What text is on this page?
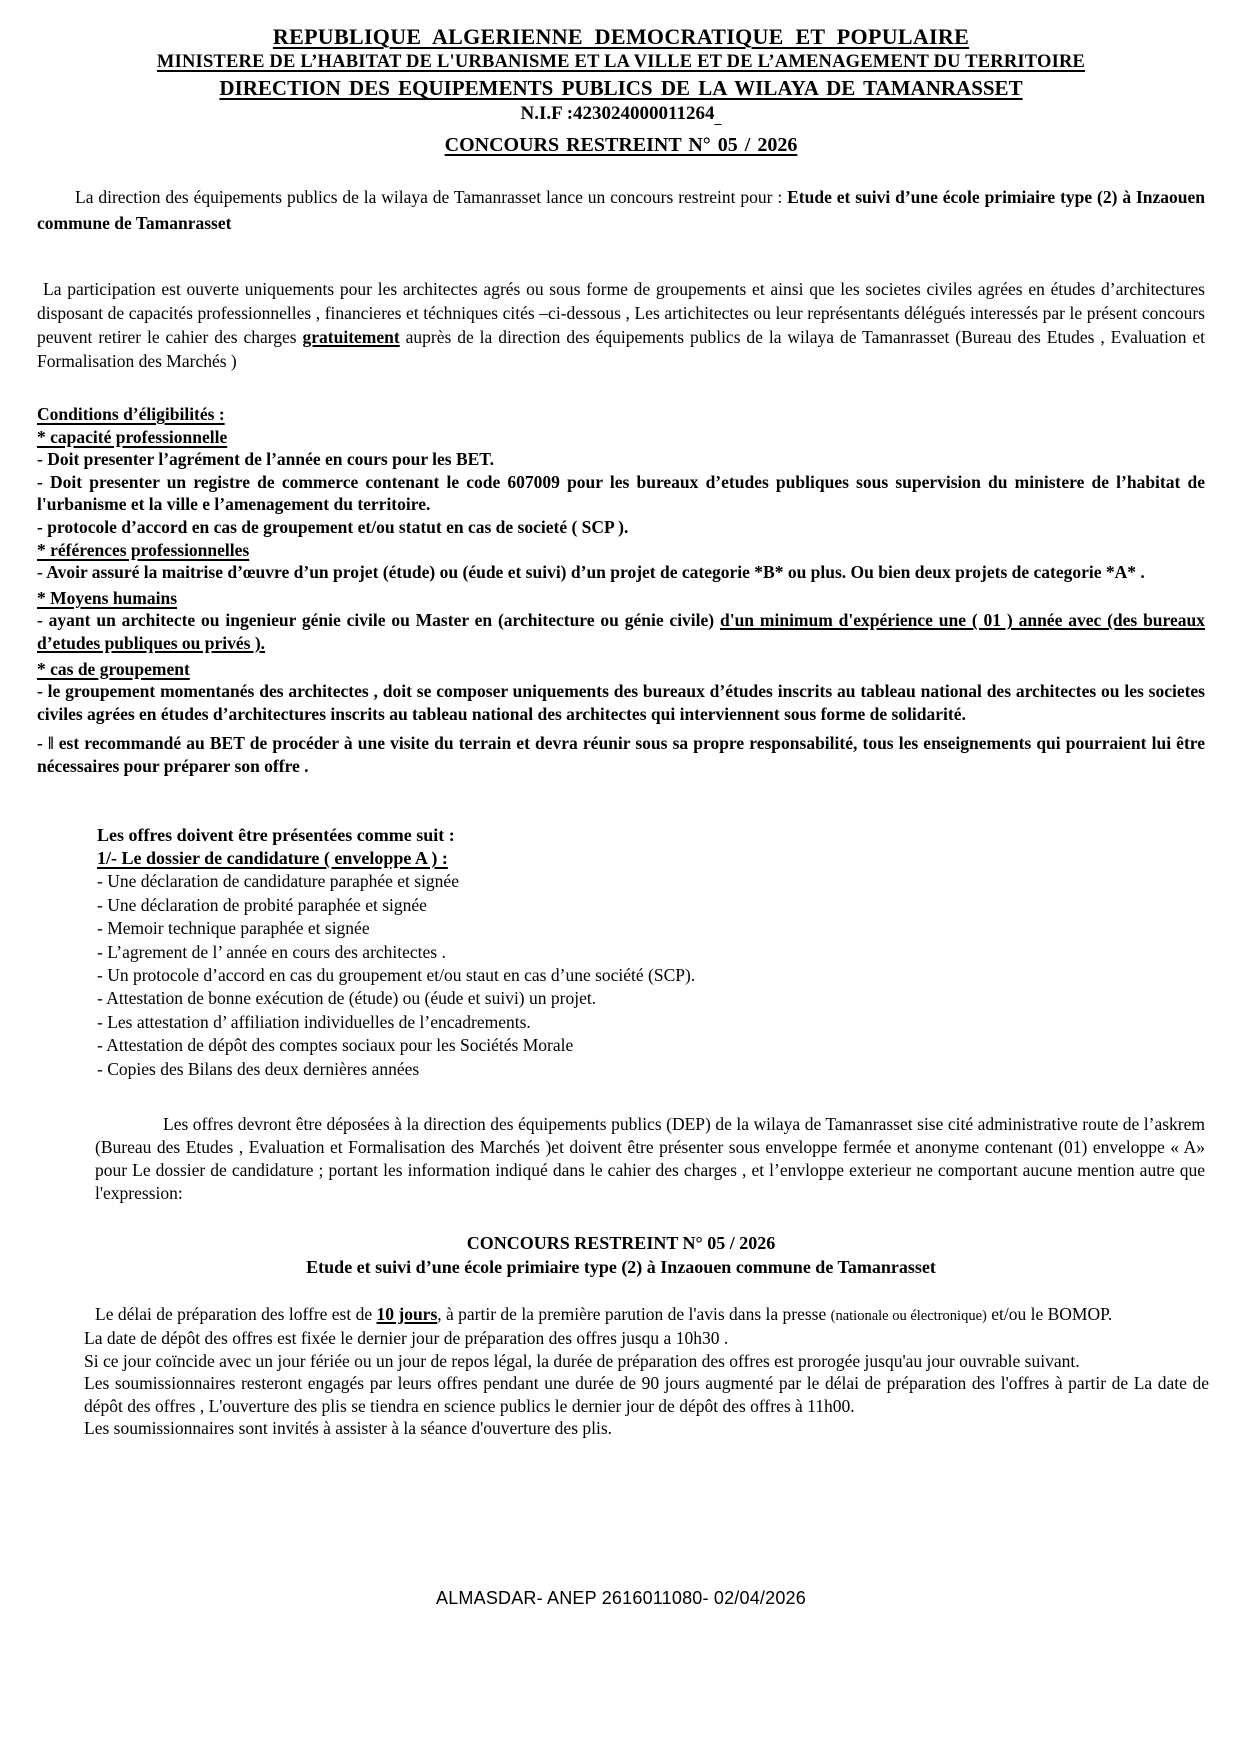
REPUBLIQUE ALGERIENNE DEMOCRATIQUE ET POPULAIRE
MINISTERE DE L’HABITAT DE L'URBANISME ET LA VILLE ET DE L’AMENAGEMENT DU TERRITOIRE
DIRECTION DES EQUIPEMENTS PUBLICS DE LA WILAYA DE TAMANRASSET
N.I.F $:423024000011264_{\_}$
CONCOURS RESTREINT N° 05 / 2026
La direction des équipements publics de la wilaya de Tamanrasset lance un concours restreint pour : Etude et suivi d’une école primiaire type (2) à Inzaouen commune de Tamanrasset
La participation est ouverte uniquements pour les architectes agrés ou sous forme de groupements et ainsi que les societes civiles agrées en études d’architectures disposant de capacités professionnelles , financieres et téchniques cités –ci-dessous , Les artichitectes ou leur représentants délégués interessés par le présent concours peuvent retirer le cahier des charges gratuitement auprès de la direction des équipements publics de la wilaya de Tamanrasset (Bureau des Etudes , Evaluation et Formalisation des Marchés )
Conditions d’éligibilités :
* capacité professionnelle
- Doit presenter l’agrément de l’année en cours pour les BET.
- Doit presenter un registre de commerce contenant le code 607009 pour les bureaux d’etudes publiques sous supervision du ministere de l’habitat de l'urbanisme et la ville e l’amenagement du territoire.
- protocole d’accord en cas de groupement et/ou statut en cas de societé ( SCP ).
* références professionnelles
- Avoir assuré la maitrise d’œuvre d’un projet (étude) ou (éude et suivi) d’un projet de categorie *B* ou plus. Ou bien deux projets de categorie *A* .
* Moyens humains
- ayant un architecte ou ingenieur génie civile ou Master en (architecture ou génie civile) d'un minimum d'expérience une ( 01 ) année avec (des bureaux d’etudes publiques ou privés ).
* cas de groupement
- le groupement momentanés des architectes , doit se composer uniquements des bureaux d’études inscrits au tableau national des architectes ou les societes civiles agrées en études d’architectures inscrits au tableau national des architectes qui interviennent sous forme de solidarité.
- ‖ est recommandé au BET de procéder à une visite du terrain et devra réunir sous sa propre responsabilité, tous les enseignements qui pourraient lui être nécessaires pour préparer son offre .
Les offres doivent être présentées comme suit :
1/- Le dossier de candidature ( enveloppe A ) :
- Une déclaration de candidature paraphée et signée
- Une déclaration de probité paraphée et signée
- Memoir technique paraphée et signée
- L’agrement de l’ année en cours des architectes .
- Un protocole d’accord en cas du groupement et/ou staut en cas d’une société (SCP).
- Attestation de bonne exécution de (étude) ou (éude et suivi) un projet.
- Les attestation d’ affiliation individuelles de l’encadrements.
- Attestation de dépôt des comptes sociaux pour les Sociétés Morale
- Copies des Bilans des deux dernières années
Les offres devront être déposées à la direction des équipements publics (DEP) de la wilaya de Tamanrasset sise cité administrative route de l’askrem (Bureau des Etudes , Evaluation et Formalisation des Marchés )et doivent être présenter sous enveloppe fermée et anonyme contenant (01) enveloppe « A» pour Le dossier de candidature ; portant les information indiqué dans le cahier des charges , et l’envloppe exterieur ne comportant aucune mention autre que l'expression:
CONCOURS RESTREINT N° 05 / 2026
Etude et suivi d’une école primiaire type (2) à Inzaouen commune de Tamanrasset

Le délai de préparation des loffre est de 10 jours, à partir de la première parution de l'avis dans la presse (nationale ou électronique) et/ou le BOMOP.

La date de dépôt des offres est fixée le dernier jour de préparation des offres jusqu a 10h30 .

Si ce jour coïncide avec un jour fériée ou un jour de repos légal, la durée de préparation des offres est prorogée jusqu'au jour ouvrable suivant.

Les soumissionnaires resteront engagés par leurs offres pendant une durée de 90 jours augmenté par le délai de préparation des l'offres à partir de La date de dépôt des offres , L'ouverture des plis se tiendra en science publics le dernier jour de dépôt des offres à 11h00.

Les soumissionnaires sont invités à assister à la séance d'ouverture des plis.

ALMASDAR- ANEP 2616011080- 02/04/2026
